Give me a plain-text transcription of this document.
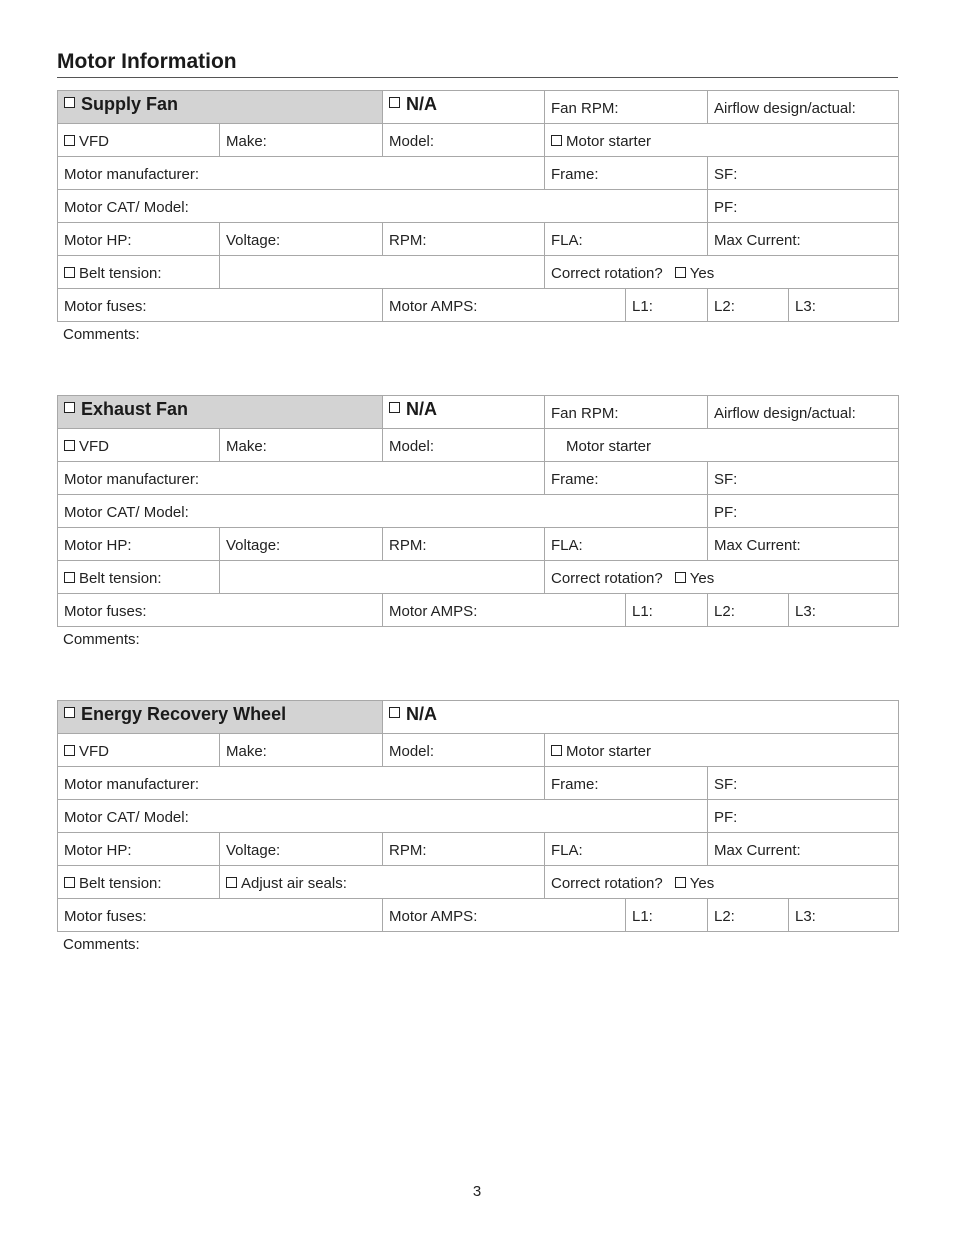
Motor Information
Supply Fan		N/A	Fan RPM:		Airflow design/actual:	
VFD	Make:	Model:	Motor starter			
Motor manufacturer:			Frame:		SF:	
Motor CAT/ Model:					PF:	
Motor HP:	Voltage:	RPM:	FLA:		Max Current:	
Belt tension:			Correct rotation? Yes			
Motor fuses:		Motor AMPS:		L1:	L2:	L3:
Comments:
Exhaust Fan		N/A	Fan RPM:		Airflow design/actual:	
VFD	Make:	Model:	Motor starter			
Motor manufacturer:			Frame:		SF:	
Motor CAT/ Model:					PF:	
Motor HP:	Voltage:	RPM:	FLA:		Max Current:	
Belt tension:			Correct rotation? Yes			
Motor fuses:		Motor AMPS:		L1:	L2:	L3:
Comments:
Energy Recovery Wheel		N/A				
VFD	Make:	Model:	Motor starter			
Motor manufacturer:			Frame:		SF:	
Motor CAT/ Model:					PF:	
Motor HP:	Voltage:	RPM:	FLA:		Max Current:	
Belt tension:	Adjust air seals:		Correct rotation? Yes			
Motor fuses:		Motor AMPS:		L1:	L2:	L3:
Comments:
3
